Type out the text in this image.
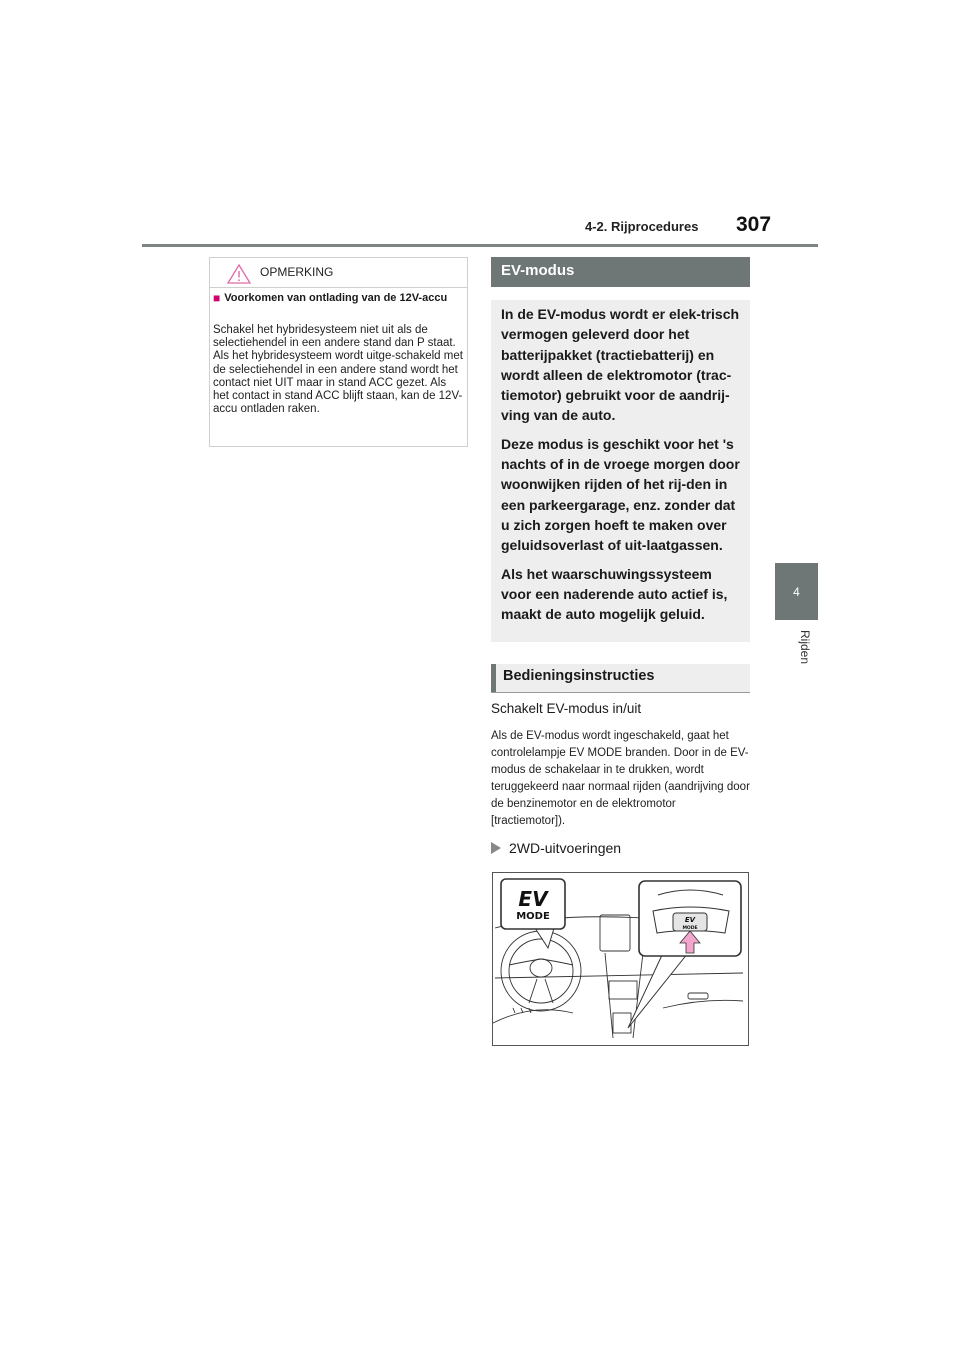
4-2. Rijprocedures 307
4
Rijden
OPMERKING
■ Voorkomen van ontlading van de 12V-accu
Schakel het hybridesysteem niet uit als de selectiehendel in een andere stand dan P staat. Als het hybridesysteem wordt uitge-schakeld met de selectiehendel in een andere stand wordt het contact niet UIT maar in stand ACC gezet. Als het contact in stand ACC blijft staan, kan de 12V-accu ontladen raken.
EV-modus

In de EV-modus wordt er elek-trisch vermogen geleverd door het batterijpakket (tractiebatterij) en wordt alleen de elektromotor (trac-tiemotor) gebruikt voor de aandrij-ving van de auto.

Deze modus is geschikt voor het 's nachts of in de vroege morgen door woonwijken rijden of het rij-den in een parkeergarage, enz. zonder dat u zich zorgen hoeft te maken over geluidsoverlast of uit-laatgassen.

Als het waarschuwingssysteem voor een naderende auto actief is, maakt de auto mogelijk geluid.

Bedieningsinstructies
Schakelt EV-modus in/uit
Als de EV-modus wordt ingeschakeld, gaat het controlelampje EV MODE branden. Door in de EV-modus de schakelaar in te drukken, wordt teruggekeerd naar normaal rijden (aandrijving door de benzinemotor en de elektromotor [tractiemotor]).
2WD-uitvoeringen
EV
MODE	EV
MODE
